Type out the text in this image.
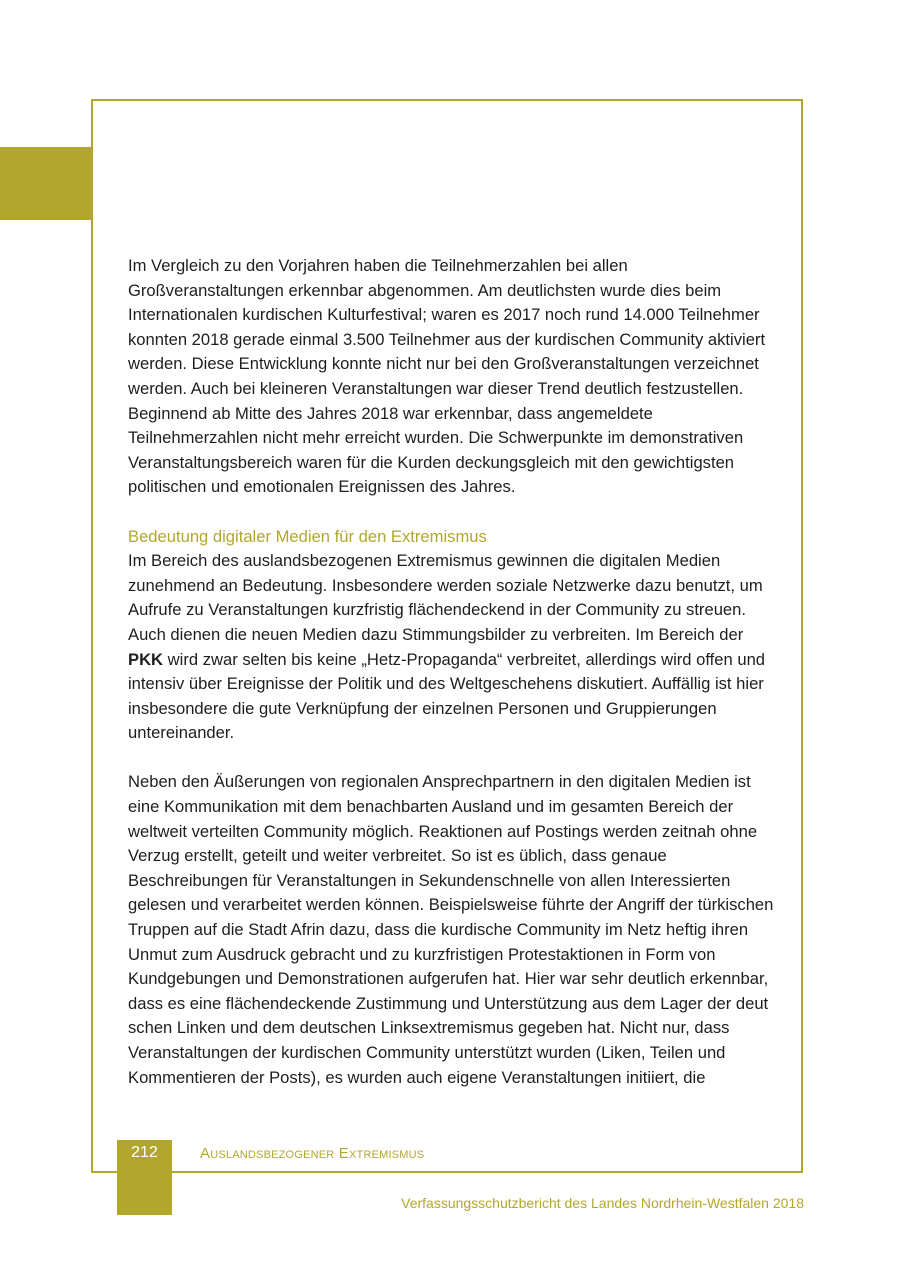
Im Vergleich zu den Vorjahren haben die Teilnehmerzahlen bei allen Großveranstaltungen erkennbar abgenommen. Am deutlichsten wurde dies beim Internationalen kurdischen Kulturfestival; waren es 2017 noch rund 14.000 Teilnehmer konnten 2018 gerade einmal 3.500 Teilnehmer aus der kurdischen Community aktiviert werden. Diese Entwicklung konnte nicht nur bei den Großveranstaltungen verzeichnet werden. Auch bei kleineren Veranstaltungen war dieser Trend deutlich festzustellen. Beginnend ab Mitte des Jahres 2018 war erkennbar, dass angemeldete Teilnehmerzahlen nicht mehr erreicht wurden. Die Schwerpunkte im demonstrativen Veranstaltungsbereich waren für die Kurden deckungsgleich mit den gewichtigsten politischen und emotionalen Ereignissen des Jahres.

Bedeutung digitaler Medien für den Extremismus

Im Bereich des auslandsbezogenen Extremismus gewinnen die digitalen Medien zunehmend an Bedeutung. Insbesondere werden soziale Netzwerke dazu benutzt, um Aufrufe zu Veranstaltungen kurzfristig flächendeckend in der Community zu streuen. Auch dienen die neuen Medien dazu Stimmungsbilder zu verbreiten. Im Bereich der PKK wird zwar selten bis keine „Hetz-Propaganda“ verbreitet, allerdings wird offen und intensiv über Ereignisse der Politik und des Weltgeschehens diskutiert. Auffällig ist hier insbesondere die gute Verknüpfung der einzelnen Personen und Gruppierungen untereinander.

Neben den Äußerungen von regionalen Ansprechpartnern in den digitalen Medien ist eine Kommunikation mit dem benachbarten Ausland und im gesamten Bereich der weltweit verteilten Community möglich. Reaktionen auf Postings werden zeitnah ohne Verzug erstellt, geteilt und weiter verbreitet. So ist es üblich, dass genaue Beschreibungen für Veranstaltungen in Sekundenschnelle von allen Interessierten gelesen und verarbeitet werden können. Beispielsweise führte der Angriff der türkischen Truppen auf die Stadt Afrin dazu, dass die kurdische Community im Netz heftig ihren Unmut zum Ausdruck gebracht und zu kurzfristigen Protestaktionen in Form von Kundgebungen und Demonstrationen aufgerufen hat. Hier war sehr deutlich erkennbar, dass es eine flächendeckende Zustimmung und Unterstützung aus dem Lager der deut schen Linken und dem deutschen Linksextremismus gegeben hat. Nicht nur, dass Veranstaltungen der kurdischen Community unterstützt wurden (Liken, Teilen und Kommentieren der Posts), es wurden auch eigene Veranstaltungen initiiert, die

212	Auslandsbezogener Extremismus
Verfassungsschutzbericht des Landes Nordrhein-Westfalen 2018
